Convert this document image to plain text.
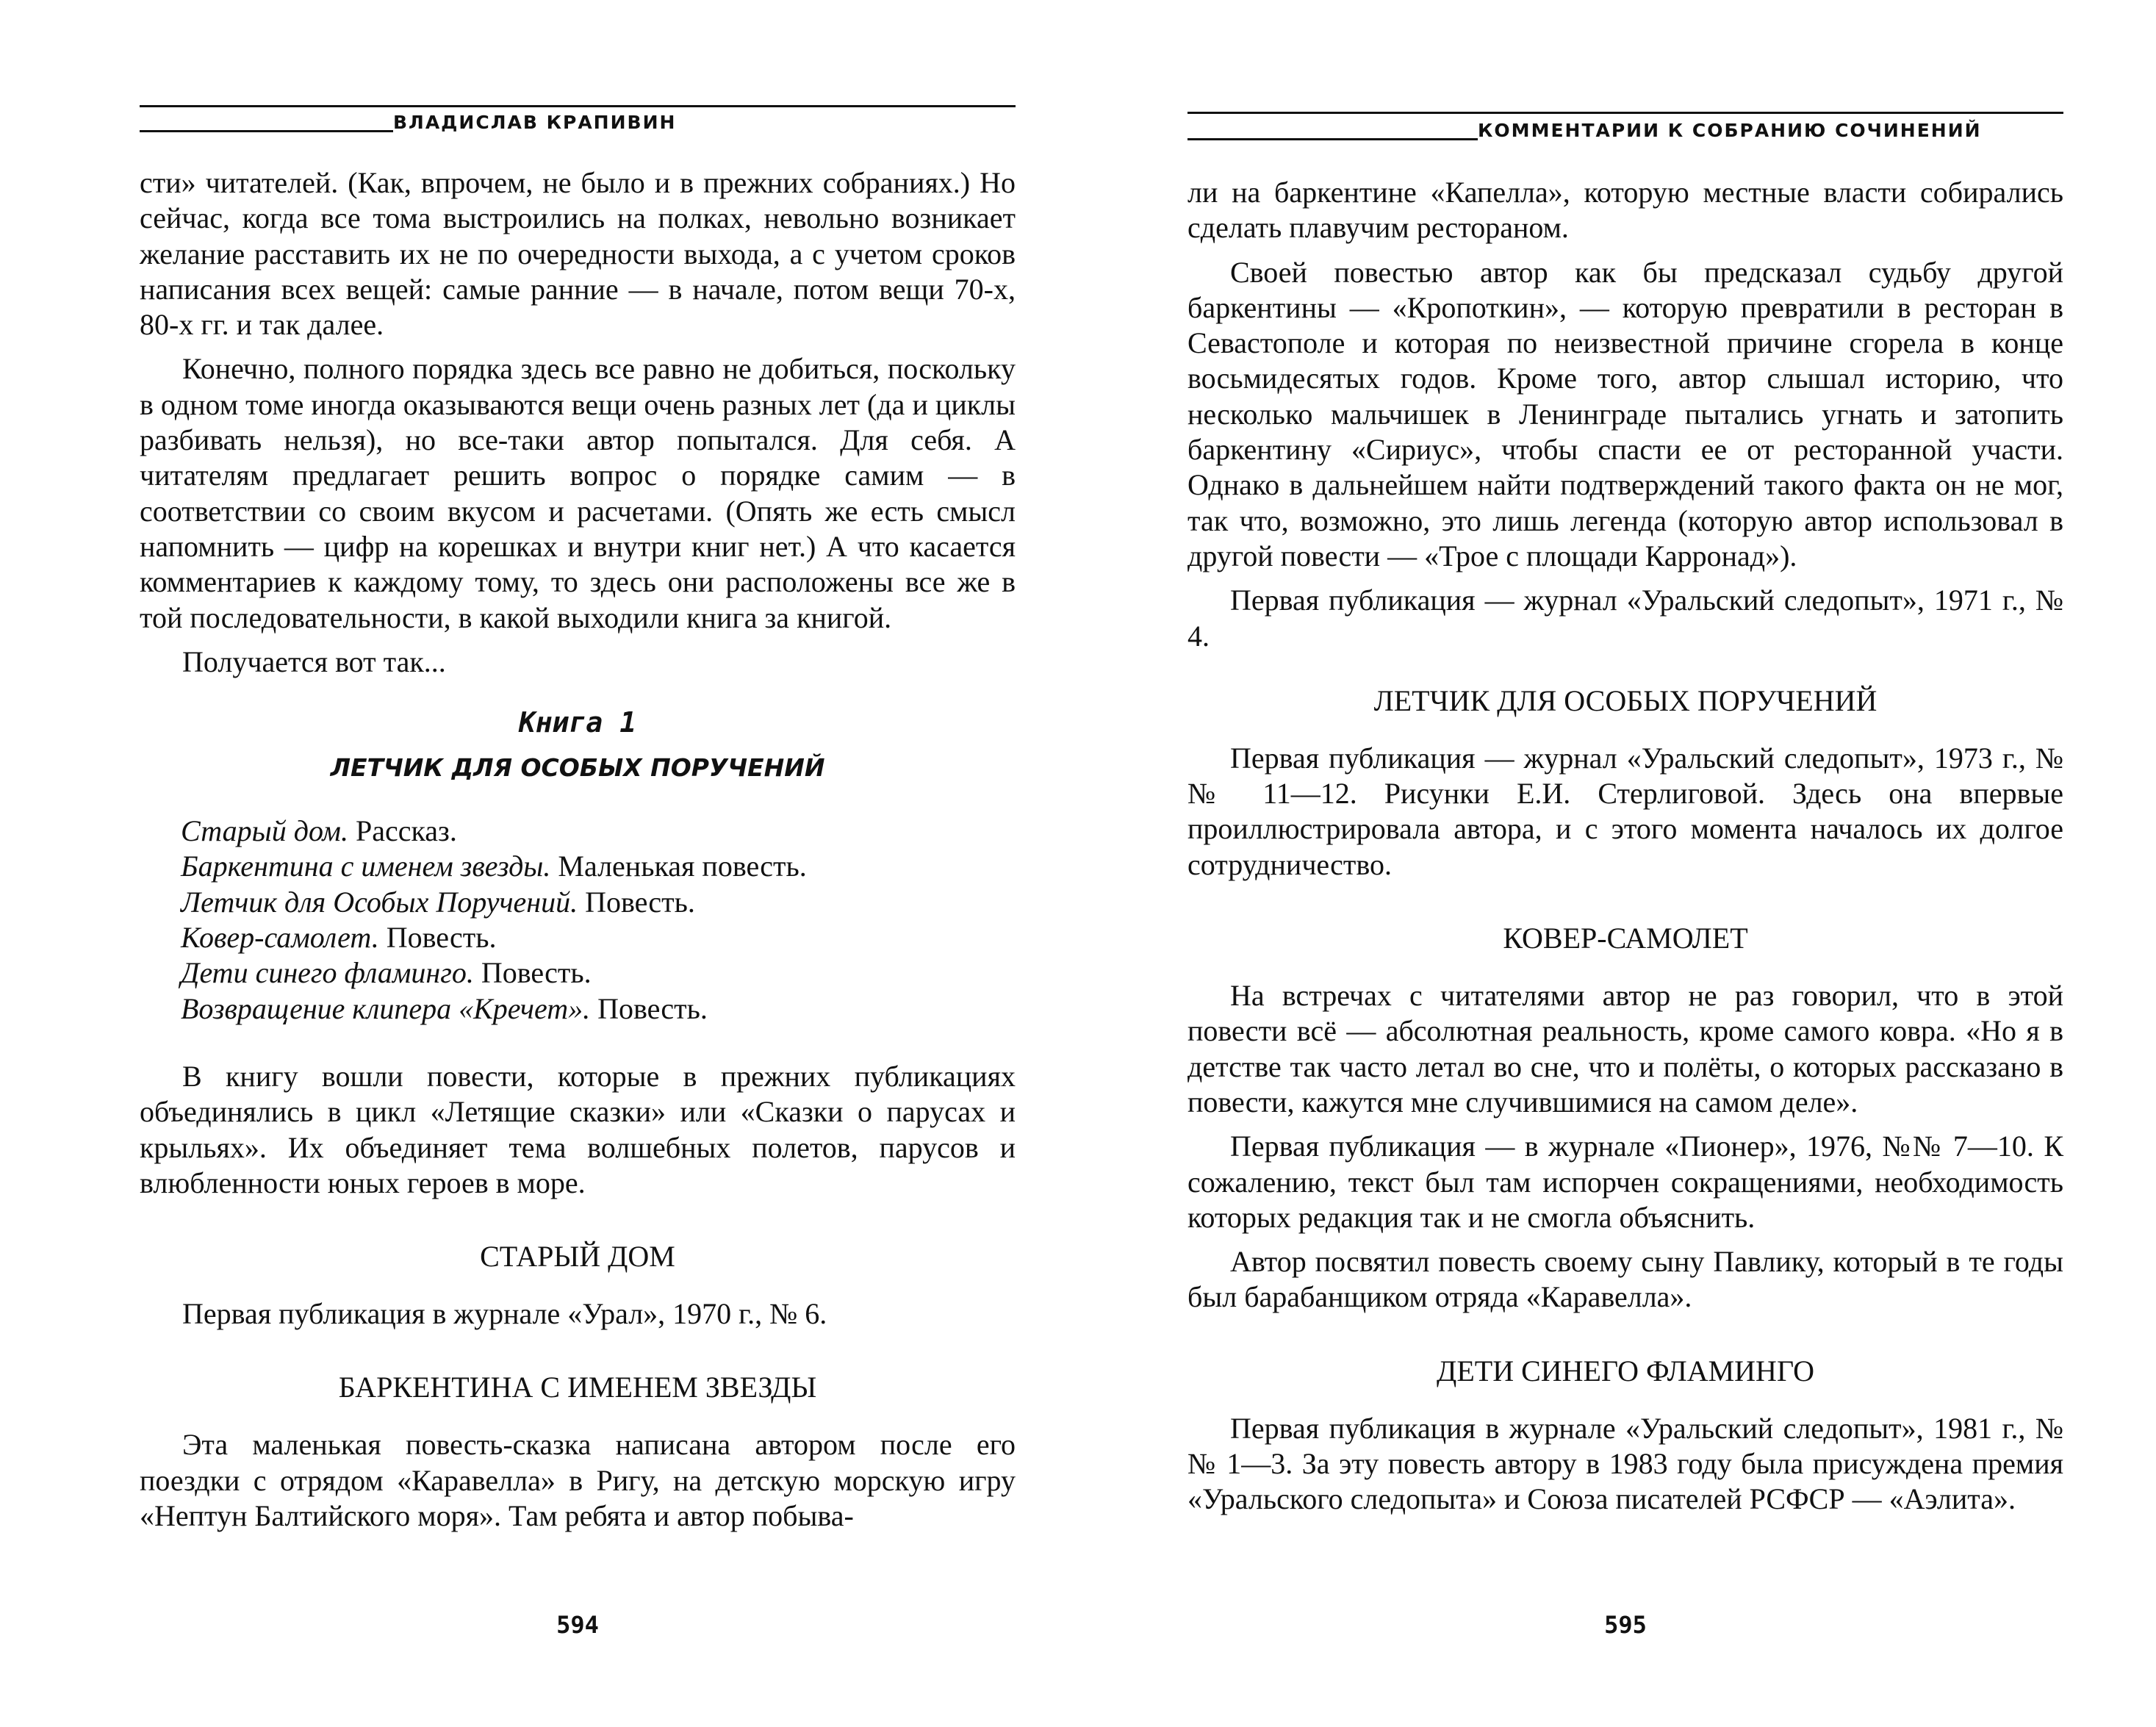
ВЛАДИСЛАВ КРАПИВИН

сти» читателей. (Как, впрочем, не было и в прежних собраниях.) Но сейчас, когда все тома выстроились на полках, невольно возникает желание расставить их не по очередности выхода, а с учетом сроков написания всех вещей: самые ранние — в начале, потом вещи 70-х, 80-х гг. и так далее.

Конечно, полного порядка здесь все равно не добиться, поскольку в одном томе иногда оказываются вещи очень разных лет (да и циклы разбивать нельзя), но все-таки автор попытался. Для себя. А читателям предлагает решить вопрос о порядке самим — в соответствии со своим вкусом и расчетами. (Опять же есть смысл напомнить — цифр на корешках и внутри книг нет.) А что касается комментариев к каждому тому, то здесь они расположены все же в той последовательности, в какой выходили книга за книгой.

Получается вот так...

Книга 1
ЛЕТЧИК ДЛЯ ОСОБЫХ ПОРУЧЕНИЙ
Старый дом. Рассказ.
Баркентина с именем звезды. Маленькая повесть.
Летчик для Особых Поручений. Повесть.
Ковер-самолет. Повесть.
Дети синего фламинго. Повесть.
Возвращение клипера «Кречет». Повесть.

В книгу вошли повести, которые в прежних публикациях объединялись в цикл «Летящие сказки» или «Сказки о парусах и крыльях». Их объединяет тема волшебных полетов, парусов и влюбленности юных героев в море.

СТАРЫЙ ДОМ

Первая публикация в журнале «Урал», 1970 г., № 6.

БАРКЕНТИНА С ИМЕНЕМ ЗВЕЗДЫ

Эта маленькая повесть-сказка написана автором после его поездки с отрядом «Каравелла» в Ригу, на детскую морскую игру «Нептун Балтийского моря». Там ребята и автор побыва-

594
КОММЕНТАРИИ К СОБРАНИЮ СОЧИНЕНИЙ

ли на баркентине «Капелла», которую местные власти собирались сделать плавучим рестораном.

Своей повестью автор как бы предсказал судьбу другой баркентины — «Кропоткин», — которую превратили в ресторан в Севастополе и которая по неизвестной причине сгорела в конце восьмидесятых годов. Кроме того, автор слышал историю, что несколько мальчишек в Ленинграде пытались угнать и затопить баркентину «Сириус», чтобы спасти ее от ресторанной участи. Однако в дальнейшем найти подтверждений такого факта он не мог, так что, возможно, это лишь легенда (которую автор использовал в другой повести — «Трое с площади Карронад»).

Первая публикация — журнал «Уральский следопыт», 1971 г., № 4.

ЛЕТЧИК ДЛЯ ОСОБЫХ ПОРУЧЕНИЙ

Первая публикация — журнал «Уральский следопыт», 1973 г., №№ 11—12. Рисунки Е.И. Стерлиговой. Здесь она впервые проиллюстрировала автора, и с этого момента началось их долгое сотрудничество.

КОВЕР-САМОЛЕТ

На встречах с читателями автор не раз говорил, что в этой повести всё — абсолютная реальность, кроме самого ковра. «Но я в детстве так часто летал во сне, что и полёты, о которых рассказано в повести, кажутся мне случившимися на самом деле».

Первая публикация — в журнале «Пионер», 1976, №№ 7—10. К сожалению, текст был там испорчен сокращениями, необходимость которых редакция так и не смогла объяснить.

Автор посвятил повесть своему сыну Павлику, который в те годы был барабанщиком отряда «Каравелла».

ДЕТИ СИНЕГО ФЛАМИНГО

Первая публикация в журнале «Уральский следопыт», 1981 г., №№ 1—3. За эту повесть автору в 1983 году была присуждена премия «Уральского следопыта» и Союза писателей РСФСР — «Аэлита».

595
